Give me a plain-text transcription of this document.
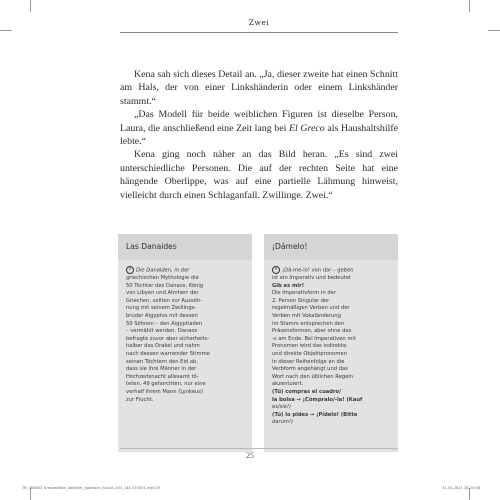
Zwei

Kena sah sich dieses Detail an. „Ja, dieser zweite hat einen Schnitt am Hals, der von einer Linkshänderin oder einem Linkshänder stammt.“

„Das Modell für beide weiblichen Figuren ist dieselbe Person, Laura, die anschließend eine Zeit lang bei El Greco als Haushaltshilfe lebte.“

Kena ging noch näher an das Bild heran. „Es sind zwei unterschiedliche Personen. Die auf der rechten Seite hat eine hängende Oberlippe, was auf eine partielle Lähmung hinweist, vielleicht durch einen Schlaganfall. Zwillinge. Zwei.“

Las Danaides
i Die Danaiden, in der
griechischen Mythologie die
50 Töchter des Danaos, König
von Libyen und Ahnherr der
Griechen, sollten zur Aussöh-
nung mit seinem Zwillings-
bruder Aigyptos mit dessen
50 Söhnen – den Aigyptiaden
– vermählt werden. Danaos
befragte zuvor aber sicherheits-
halber das Orakel und nahm
nach dessen warnender Stimme
seinen Töchtern den Eid ab,
dass sie ihre Männer in der
Hochzeitsnacht allesamt tö-
teten. 49 gehorchten, nur eine
verhalf ihrem Mann (Lynkeus)
zur Flucht.
¡Dámelo!
i ¡Dá-me-lo! von dar – geben
ist ein Imperativ und bedeutet
Gib es mir!
Die Imperativform in der
2. Person Singular der
regelmäßigen Verben und der
Verben mit Vokaländerung
im Stamm entsprechen den
Präsensformen, aber ohne das
-s am Ende. Bei Imperativen mit
Pronomen wird das indirekte
und direkte Objektpronomen
in dieser Reihenfolge an die
Verbform angehängt und das
Wort nach den üblichen Regeln
akzentuiert.
(Tú) compras el cuadro/
la bolsa → ¡Cómpralo/-la! (Kauf
es/sie!)
(Tú) lo pides → ¡Pídelo! (Bitte
darum!)
25
TB_360833_Kreuzdeikon_Italiener_Spanisch_Schuß_003_144 210331.indd 25	31.03.2021 18:23:08
